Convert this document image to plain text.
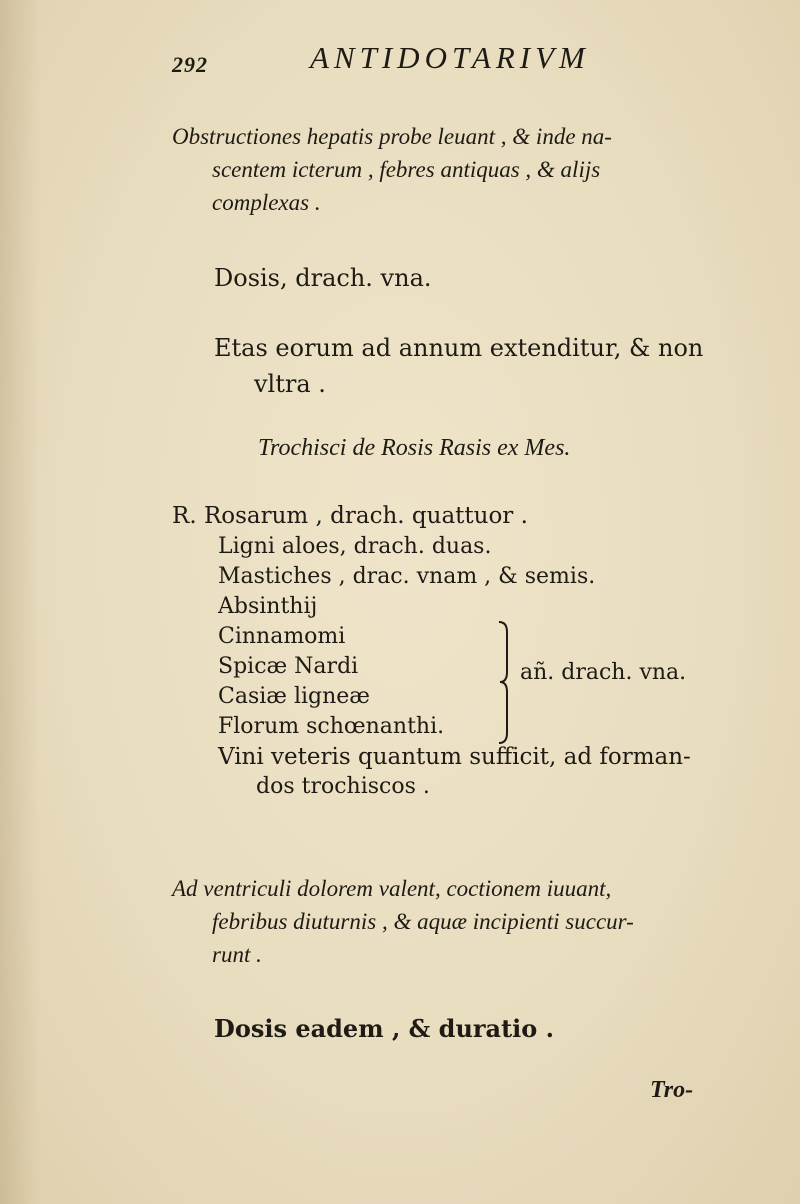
292	ANTIDOTARIVM
Obstructiones hepatis probe leuant , & inde na-
scentem icterum , febres antiquas , & alijs
complexas .
Dosis, drach. vna.
Etas eorum ad annum extenditur, & non
vltra .
Trochisci de Rosis Rasis ex Mes.
R. Rosarum , drach. quattuor .
Ligni aloes, drach. duas.
Mastiches , drac. vnam , & semis.
Absinthij
Cinnamomi
Spicæ Nardi
Casiæ ligneæ
Florum schœnanthi.
Vini veteris quantum sufficit, ad forman-
dos trochiscos .
añ. drach. vna.
Ad ventriculi dolorem valent, coctionem iuuant,
febribus diuturnis , & aquæ incipienti succur-
runt .
Dosis eadem , & duratio .
Tro-
